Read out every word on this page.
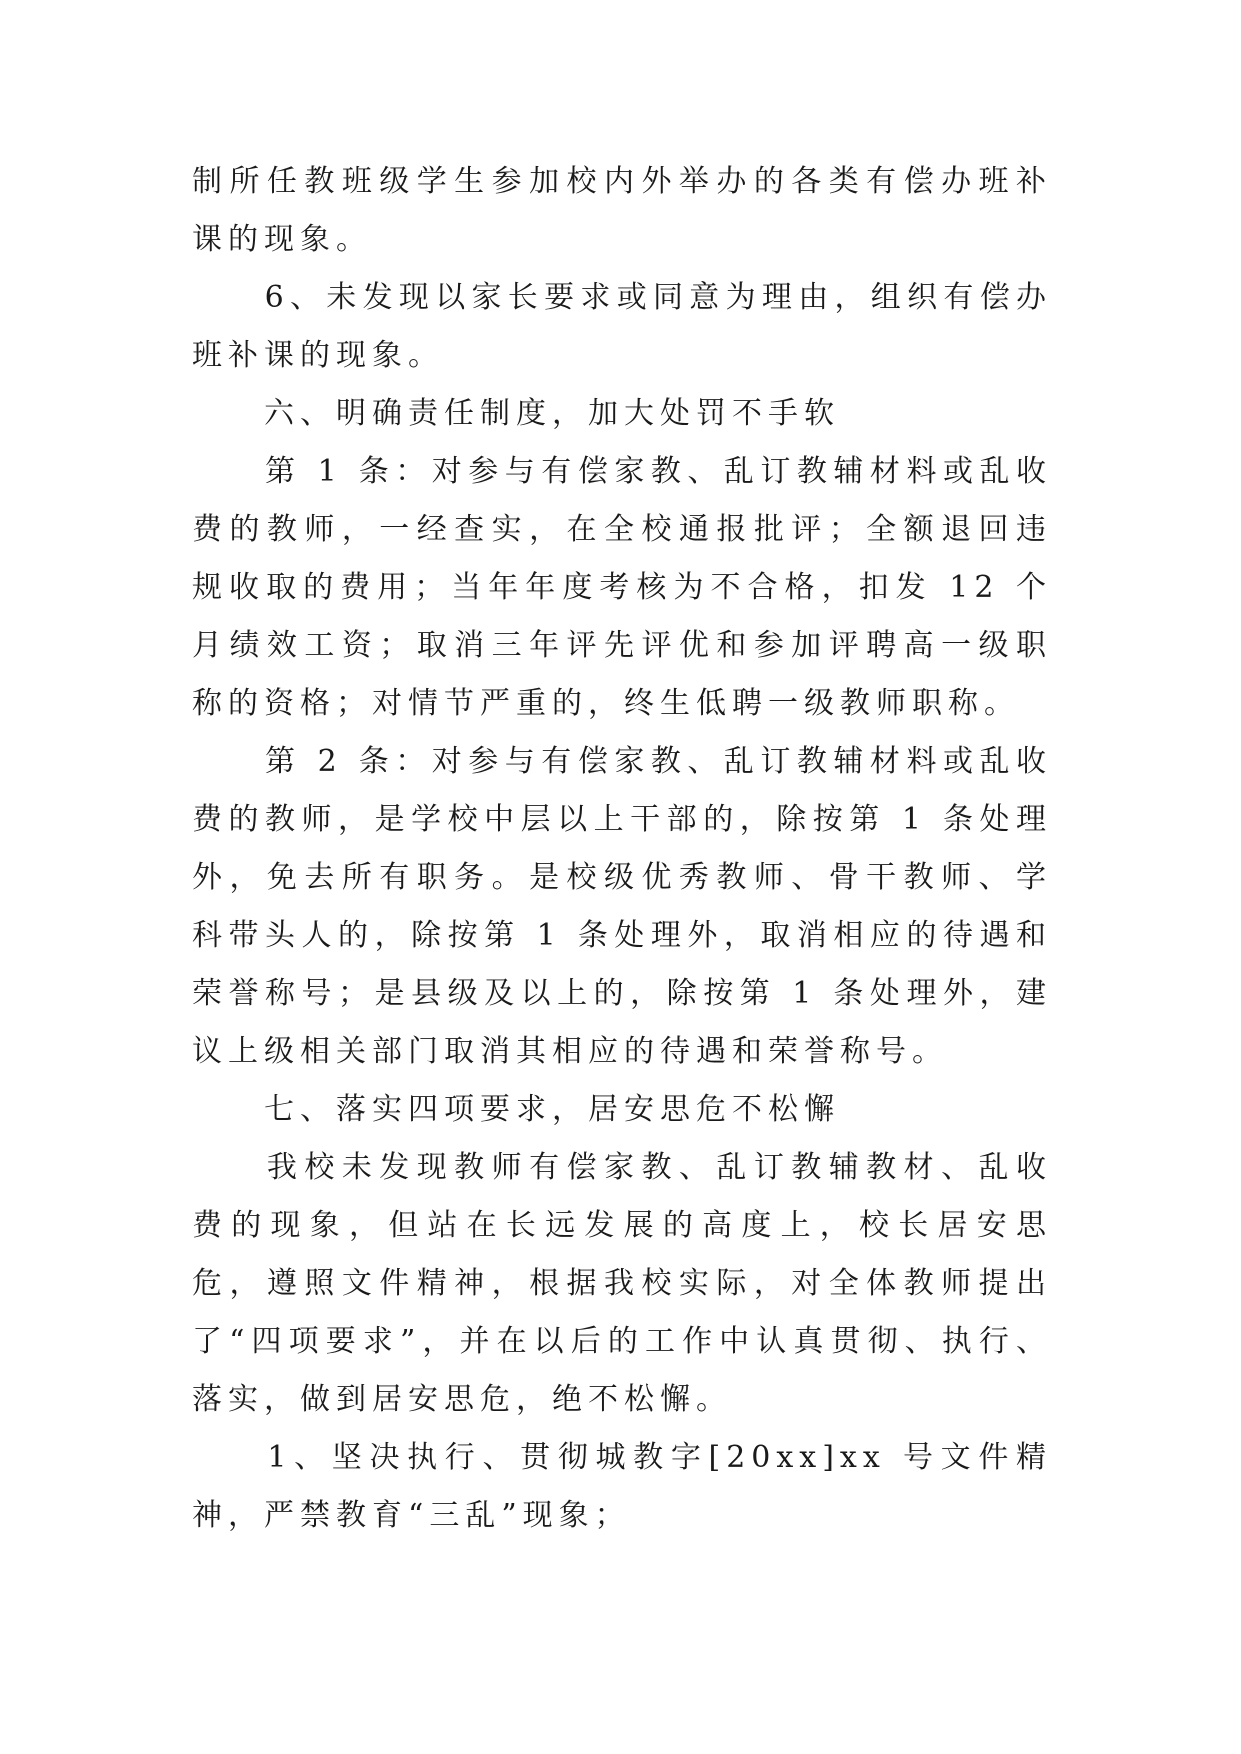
制所任教班级学生参加校内外举办的各类有偿办班补课的现象。

　　6、未发现以家长要求或同意为理由，组织有偿办班补课的现象。

　　六、明确责任制度，加大处罚不手软

　　第 1 条：对参与有偿家教、乱订教辅材料或乱收费的教师，一经查实，在全校通报批评；全额退回违规收取的费用；当年年度考核为不合格，扣发 12 个月绩效工资；取消三年评先评优和参加评聘高一级职称的资格；对情节严重的，终生低聘一级教师职称。

　　第 2 条：对参与有偿家教、乱订教辅材料或乱收费的教师，是学校中层以上干部的，除按第 1 条处理外，免去所有职务。是校级优秀教师、骨干教师、学科带头人的，除按第 1 条处理外，取消相应的待遇和荣誉称号；是县级及以上的，除按第 1 条处理外，建议上级相关部门取消其相应的待遇和荣誉称号。

　　七、落实四项要求，居安思危不松懈

　　我校未发现教师有偿家教、乱订教辅教材、乱收费的现象，但站在长远发展的高度上，校长居安思危，遵照文件精神，根据我校实际，对全体教师提出了“四项要求”，并在以后的工作中认真贯彻、执行、落实，做到居安思危，绝不松懈。

　　1、坚决执行、贯彻城教字[20xx]xx 号文件精神，严禁教育“三乱”现象；
